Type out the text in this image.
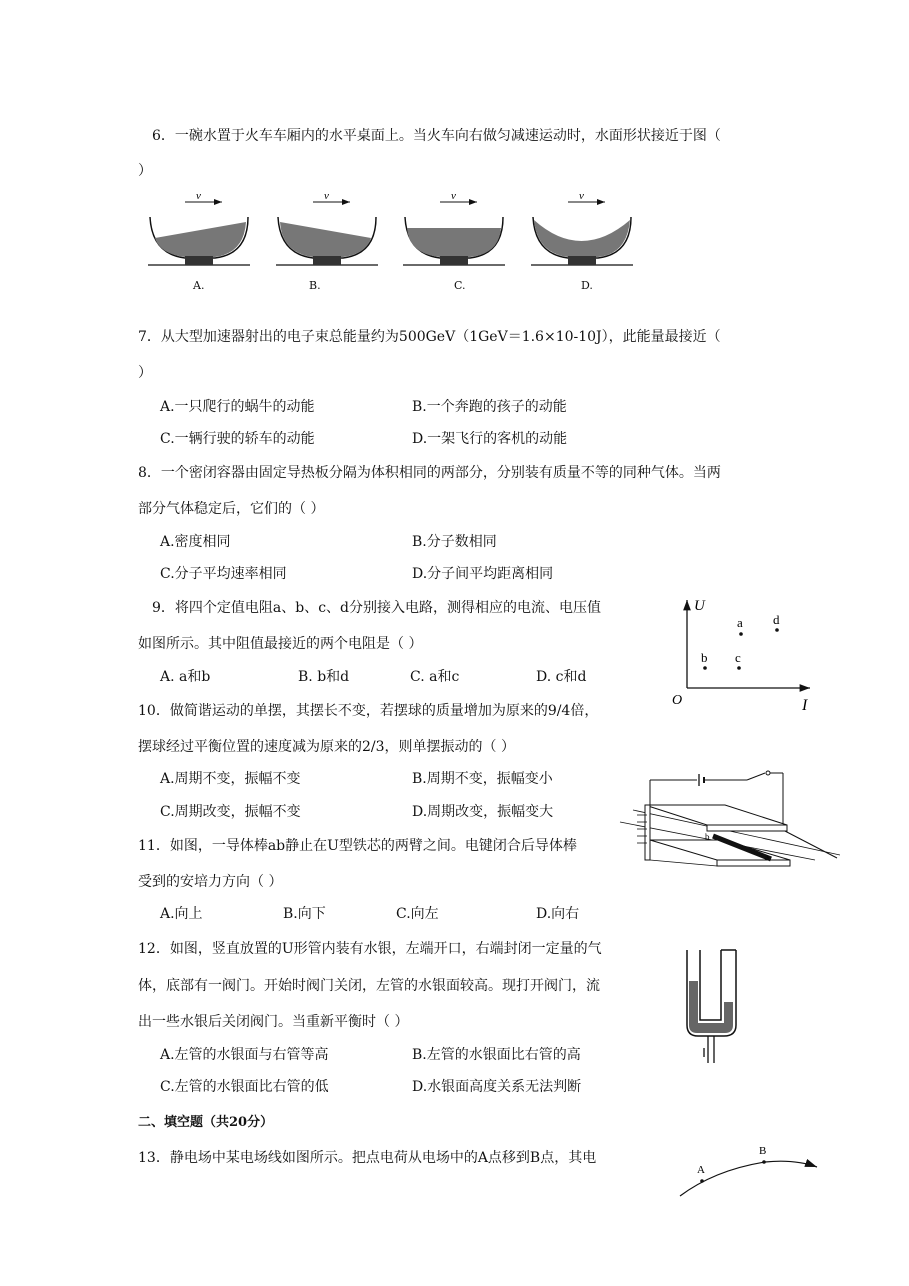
6．一碗水置于火车车厢内的水平桌面上。当火车向右做匀减速运动时，水面形状接近于图（
）
v	v	v	v
A.	B.	C.	D.
7．从大型加速器射出的电子束总能量约为500GeV（1GeV＝1.6×10-10J），此能量最接近（
）
A.一只爬行的蜗牛的动能	B.一个奔跑的孩子的动能
C.一辆行驶的轿车的动能	D.一架飞行的客机的动能
8．一个密闭容器由固定导热板分隔为体积相同的两部分，分别装有质量不等的同种气体。当两
部分气体稳定后，它们的（ ）
A.密度相同	B.分子数相同
C.分子平均速率相同	D.分子间平均距离相同
9．将四个定值电阻a、b、c、d分别接入电路，测得相应的电流、电压值
如图所示。其中阻值最接近的两个电阻是（ ）
A. a和b	B. b和d	C. a和c	D. c和d
U
O	I
a
b c
d
10．做简谐运动的单摆，其摆长不变，若摆球的质量增加为原来的9/4倍，
摆球经过平衡位置的速度减为原来的2/3，则单摆振动的（ ）
A.周期不变，振幅不变	B.周期不变，振幅变小
C.周期改变，振幅不变	D.周期改变，振幅变大
b
a
11．如图，一导体棒ab静止在U型铁芯的两臂之间。电键闭合后导体棒
受到的安培力方向（ ）
A.向上	B.向下	C.向左	D.向右
12．如图，竖直放置的U形管内装有水银，左端开口，右端封闭一定量的气
体，底部有一阀门。开始时阀门关闭，左管的水银面较高。现打开阀门，流
出一些水银后关闭阀门。当重新平衡时（ ）
A.左管的水银面与右管等高	B.左管的水银面比右管的高
C.左管的水银面比右管的低	D.水银面高度关系无法判断
二、填空题（共20分）
13．静电场中某电场线如图所示。把点电荷从电场中的A点移到B点，其电
A
B
